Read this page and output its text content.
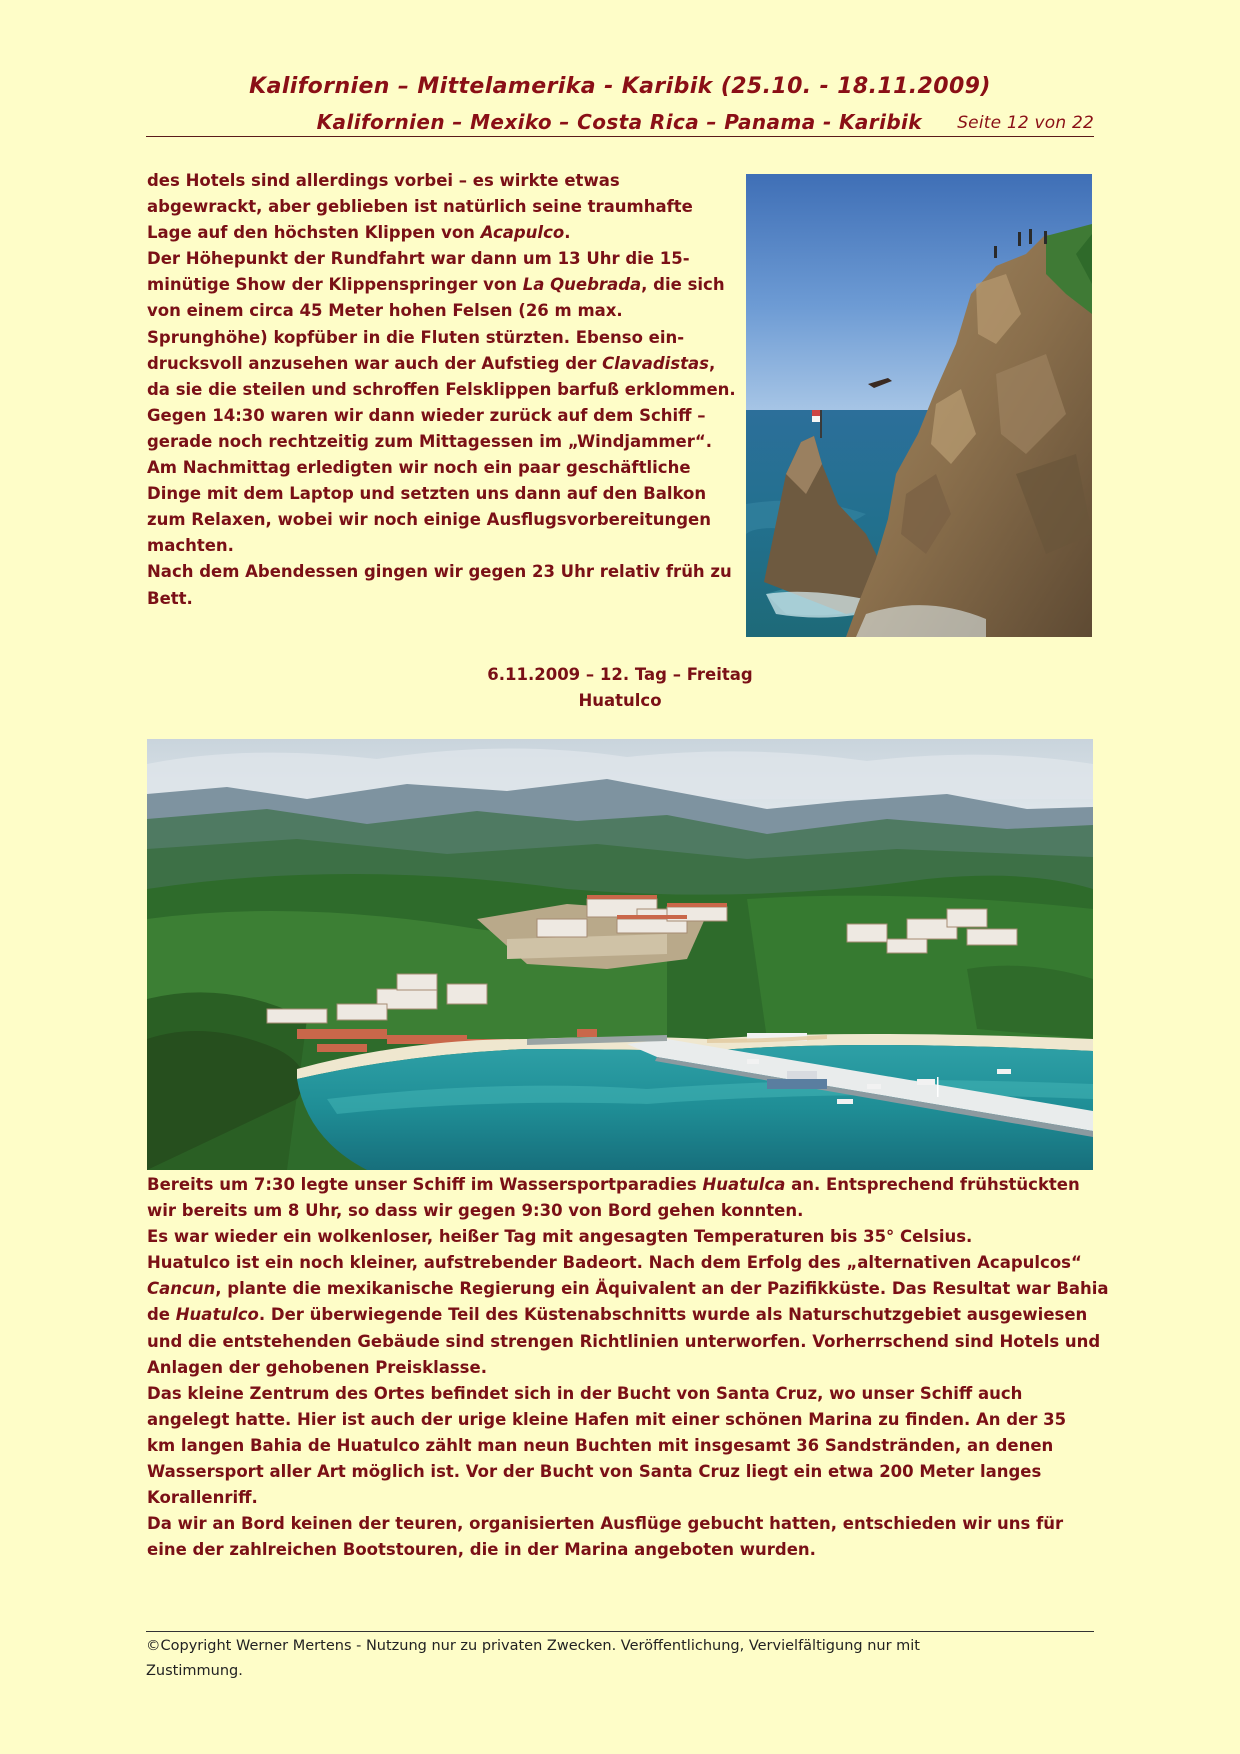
Kalifornien – Mittelamerika - Karibik (25.10. - 18.11.2009)
Kalifornien – Mexiko – Costa Rica – Panama - Karibik Seite 12 von 22
des Hotels sind allerdings vorbei – es wirkte etwas
abgewrackt, aber geblieben ist natürlich seine traumhafte
Lage auf den höchsten Klippen von Acapulco.
Der Höhepunkt der Rundfahrt war dann um 13 Uhr die 15-
minütige Show der Klippenspringer von La Quebrada, die sich
von einem circa 45 Meter hohen Felsen (26 m max.
Sprunghöhe) kopfüber in die Fluten stürzten. Ebenso ein-
drucksvoll anzusehen war auch der Aufstieg der Clavadistas,
da sie die steilen und schroffen Felsklippen barfuß erklommen.
Gegen 14:30 waren wir dann wieder zurück auf dem Schiff –
gerade noch rechtzeitig zum Mittagessen im „Windjammer“.
Am Nachmittag erledigten wir noch ein paar geschäftliche
Dinge mit dem Laptop und setzten uns dann auf den Balkon
zum Relaxen, wobei wir noch einige Ausflugsvorbereitungen
machten.
Nach dem Abendessen gingen wir gegen 23 Uhr relativ früh zu
Bett.
6.11.2009 – 12. Tag – Freitag
Huatulco
Bereits um 7:30 legte unser Schiff im Wassersportparadies Huatulca an. Entsprechend frühstückten
wir bereits um 8 Uhr, so dass wir gegen 9:30 von Bord gehen konnten.
Es war wieder ein wolkenloser, heißer Tag mit angesagten Temperaturen bis 35° Celsius.
Huatulco ist ein noch kleiner, aufstrebender Badeort. Nach dem Erfolg des „alternativen Acapulcos“
Cancun, plante die mexikanische Regierung ein Äquivalent an der Pazifikküste. Das Resultat war Bahia
de Huatulco. Der überwiegende Teil des Küstenabschnitts wurde als Naturschutzgebiet ausgewiesen
und die entstehenden Gebäude sind strengen Richtlinien unterworfen. Vorherrschend sind Hotels und
Anlagen der gehobenen Preisklasse.
Das kleine Zentrum des Ortes befindet sich in der Bucht von Santa Cruz, wo unser Schiff auch
angelegt hatte. Hier ist auch der urige kleine Hafen mit einer schönen Marina zu finden. An der 35
km langen Bahia de Huatulco zählt man neun Buchten mit insgesamt 36 Sandstränden, an denen
Wassersport aller Art möglich ist. Vor der Bucht von Santa Cruz liegt ein etwa 200 Meter langes
Korallenriff.
Da wir an Bord keinen der teuren, organisierten Ausflüge gebucht hatten, entschieden wir uns für
eine der zahlreichen Bootstouren, die in der Marina angeboten wurden.
©Copyright Werner Mertens - Nutzung nur zu privaten Zwecken. Veröffentlichung, Vervielfältigung nur mit
Zustimmung.
